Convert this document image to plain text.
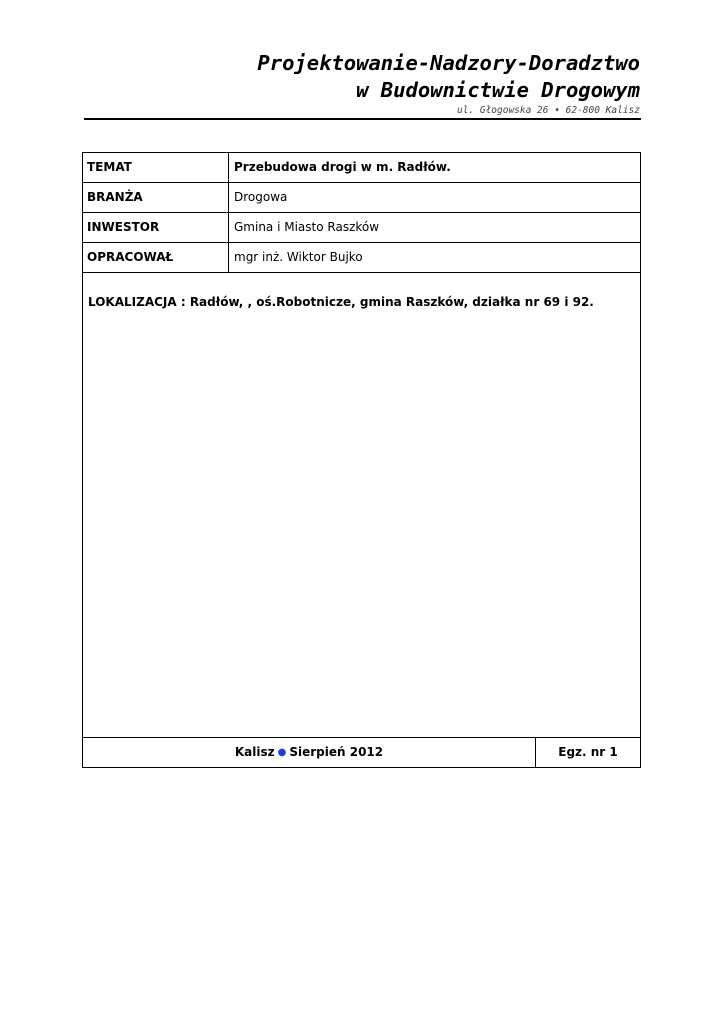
Projektowanie-Nadzory-Doradztwo
w Budownictwie Drogowym
ul. Głogowska 26 • 62-800 Kalisz
TEMAT	Przebudowa drogi w m. Radłów.
BRANŻA	Drogowa
INWESTOR	Gmina i Miasto Raszków
OPRACOWAŁ	mgr inż. Wiktor Bujko
LOKALIZACJA : Radłów, , oś.Robotnicze, gmina Raszków, działka nr 69 i 92.
Kalisz ● Sierpień 2012	Egz. nr 1
